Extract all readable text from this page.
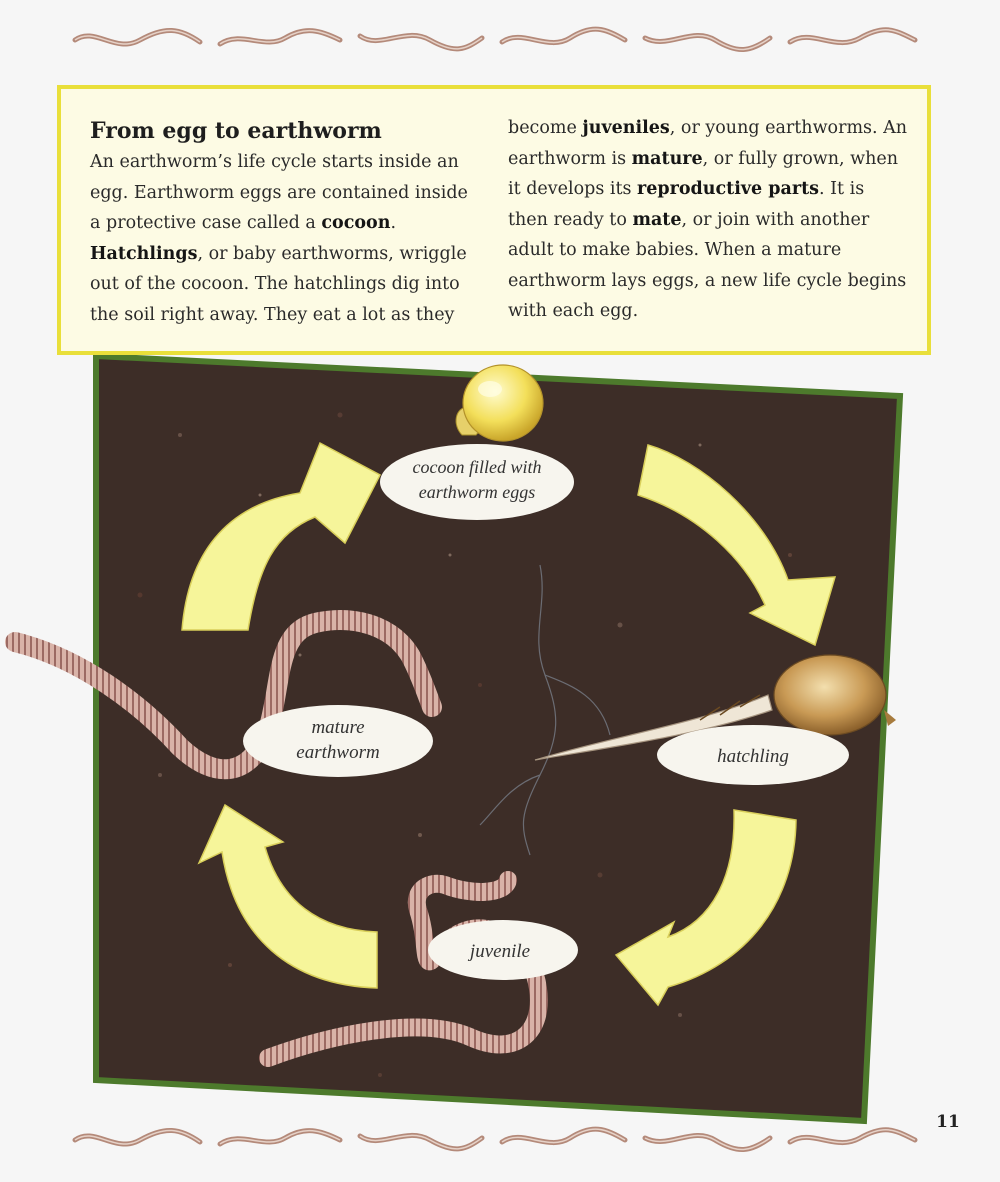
From egg to earthworm

An earthworm’s life cycle starts inside an egg. Earthworm eggs are contained inside a protective case called a cocoon. Hatchlings, or baby earthworms, wriggle out of the cocoon. The hatchlings dig into the soil right away. They eat a lot as they

become juveniles, or young earthworms. An earthworm is mature, or fully grown, when it develops its reproductive parts. It is then ready to mate, or join with another adult to make babies. When a mature earthworm lays eggs, a new life cycle begins with each egg.

cocoon filled with
earthworm eggs
hatchling
juvenile
mature
earthworm
11
